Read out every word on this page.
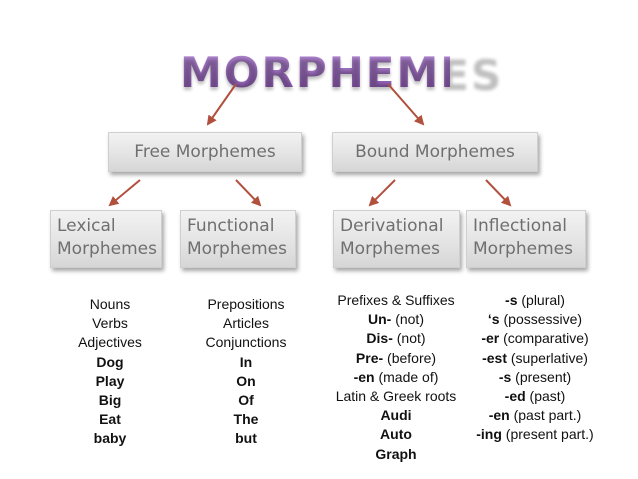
MORPHEMES
Free Morphemes	Bound Morphemes
Lexical
Morphemes
Functional
Morphemes
Derivational
Morphemes
Inflectional
Morphemes
Nouns
Verbs
Adjectives
Dog
Play
Big
Eat
baby
Prepositions
Articles
Conjunctions
In
On
Of
The
but
Prefixes & Suffixes
Un- (not)
Dis- (not)
Pre- (before)
-en (made of)
Latin & Greek roots
Audi
Auto
Graph
-s (plural)
‘s (possessive)
-er (comparative)
-est (superlative)
-s (present)
-ed (past)
-en (past part.)
-ing (present part.)
